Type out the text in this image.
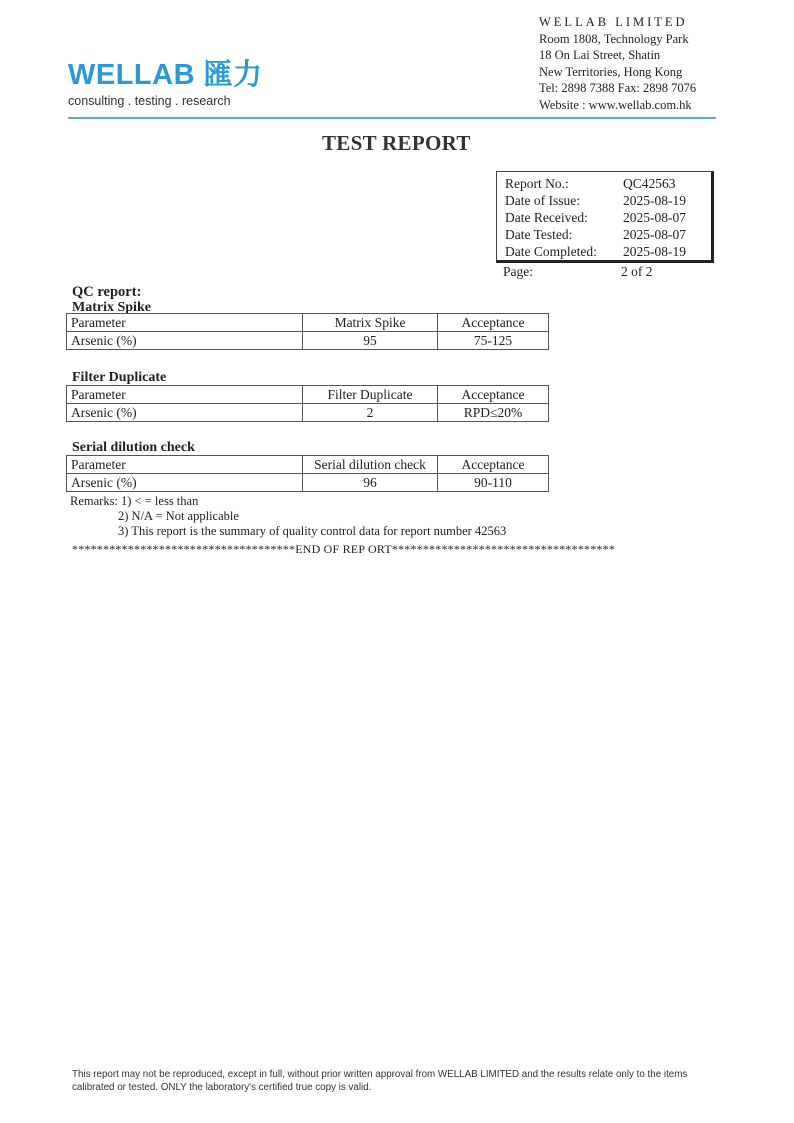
WELLAB 匯力
consulting . testing . research
WELLAB LIMITED
Room 1808, Technology Park
18 On Lai Street, Shatin
New Territories, Hong Kong
Tel: 2898 7388 Fax: 2898 7076
Website : www.wellab.com.hk
TEST REPORT
Report No.:	QC42563
Date of Issue:	2025-08-19
Date Received:	2025-08-07
Date Tested:	2025-08-07
Date Completed: 2025-08-19
Page:	2 of 2
QC report:
Matrix Spike
Parameter	Matrix Spike	Acceptance
Arsenic (%)	95	75-125
Filter Duplicate
Parameter	Filter Duplicate	Acceptance
Arsenic (%)	2	RPD≤20%
Serial dilution check
Parameter	Serial dilution check	Acceptance
Arsenic (%)	96	90-110
Remarks: 1) < = less than
2) N/A = Not applicable
3) This report is the summary of quality control data for report number 42563
************************************END OF REP ORT************************************
This report may not be reproduced, except in full, without prior written approval from WELLAB LIMITED and the results relate only to the items calibrated or tested. ONLY the laboratory's certified true copy is valid.
